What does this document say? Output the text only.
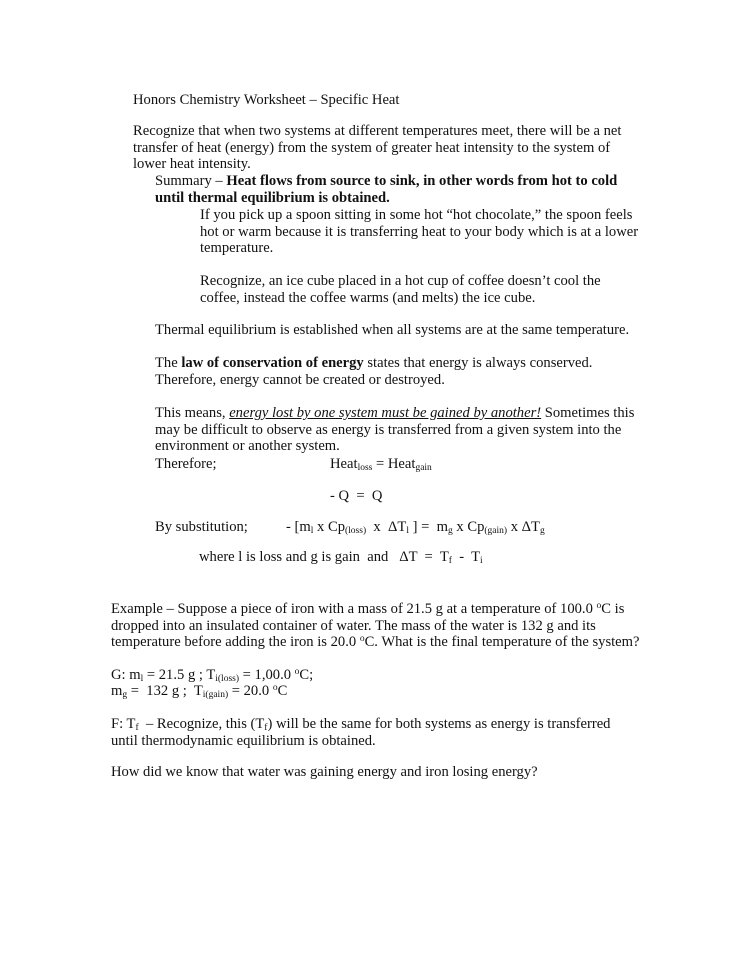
Honors Chemistry Worksheet – Specific Heat
Recognize that when two systems at different temperatures meet, there will be a net transfer of heat (energy) from the system of greater heat intensity to the system of lower heat intensity.
Summary – Heat flows from source to sink, in other words from hot to cold until thermal equilibrium is obtained.
If you pick up a spoon sitting in some hot “hot chocolate,” the spoon feels hot or warm because it is transferring heat to your body which is at a lower temperature.
Recognize, an ice cube placed in a hot cup of coffee doesn’t cool the coffee, instead the coffee warms (and melts) the ice cube.
Thermal equilibrium is established when all systems are at the same temperature.
The law of conservation of energy states that energy is always conserved. Therefore, energy cannot be created or destroyed.
This means, energy lost by one system must be gained by another! Sometimes this may be difficult to observe as energy is transferred from a given system into the environment or another system.
Therefore;	Heat$_{loss}$ = Heat$_{gain}$
- Q  =  Q
By substitution;	- [$m_l$ x $Cp_{(loss)}$  x  $\Delta T_l$ ] =  $m_g$ x $Cp_{(gain)}$ x $\Delta T_g$
where l is loss and g is gain  and   $\Delta T = T_f - T_i$
Example – Suppose a piece of iron with a mass of 21.5 g at a temperature of 100.0 $^o$C is dropped into an insulated container of water. The mass of the water is 132 g and its temperature before adding the iron is 20.0 $^o$C. What is the final temperature of the system?
G: $m_l = 21.5$ g ; $T_{i(loss)} = 1,00.0$ $^o$C;
$m_g = 132$ g ;  $T_{i(gain)} = 20.0$ $^o$C
F: $T_f$  – Recognize, this $(T_f)$ will be the same for both systems as energy is transferred until thermodynamic equilibrium is obtained.
How did we know that water was gaining energy and iron losing energy?
